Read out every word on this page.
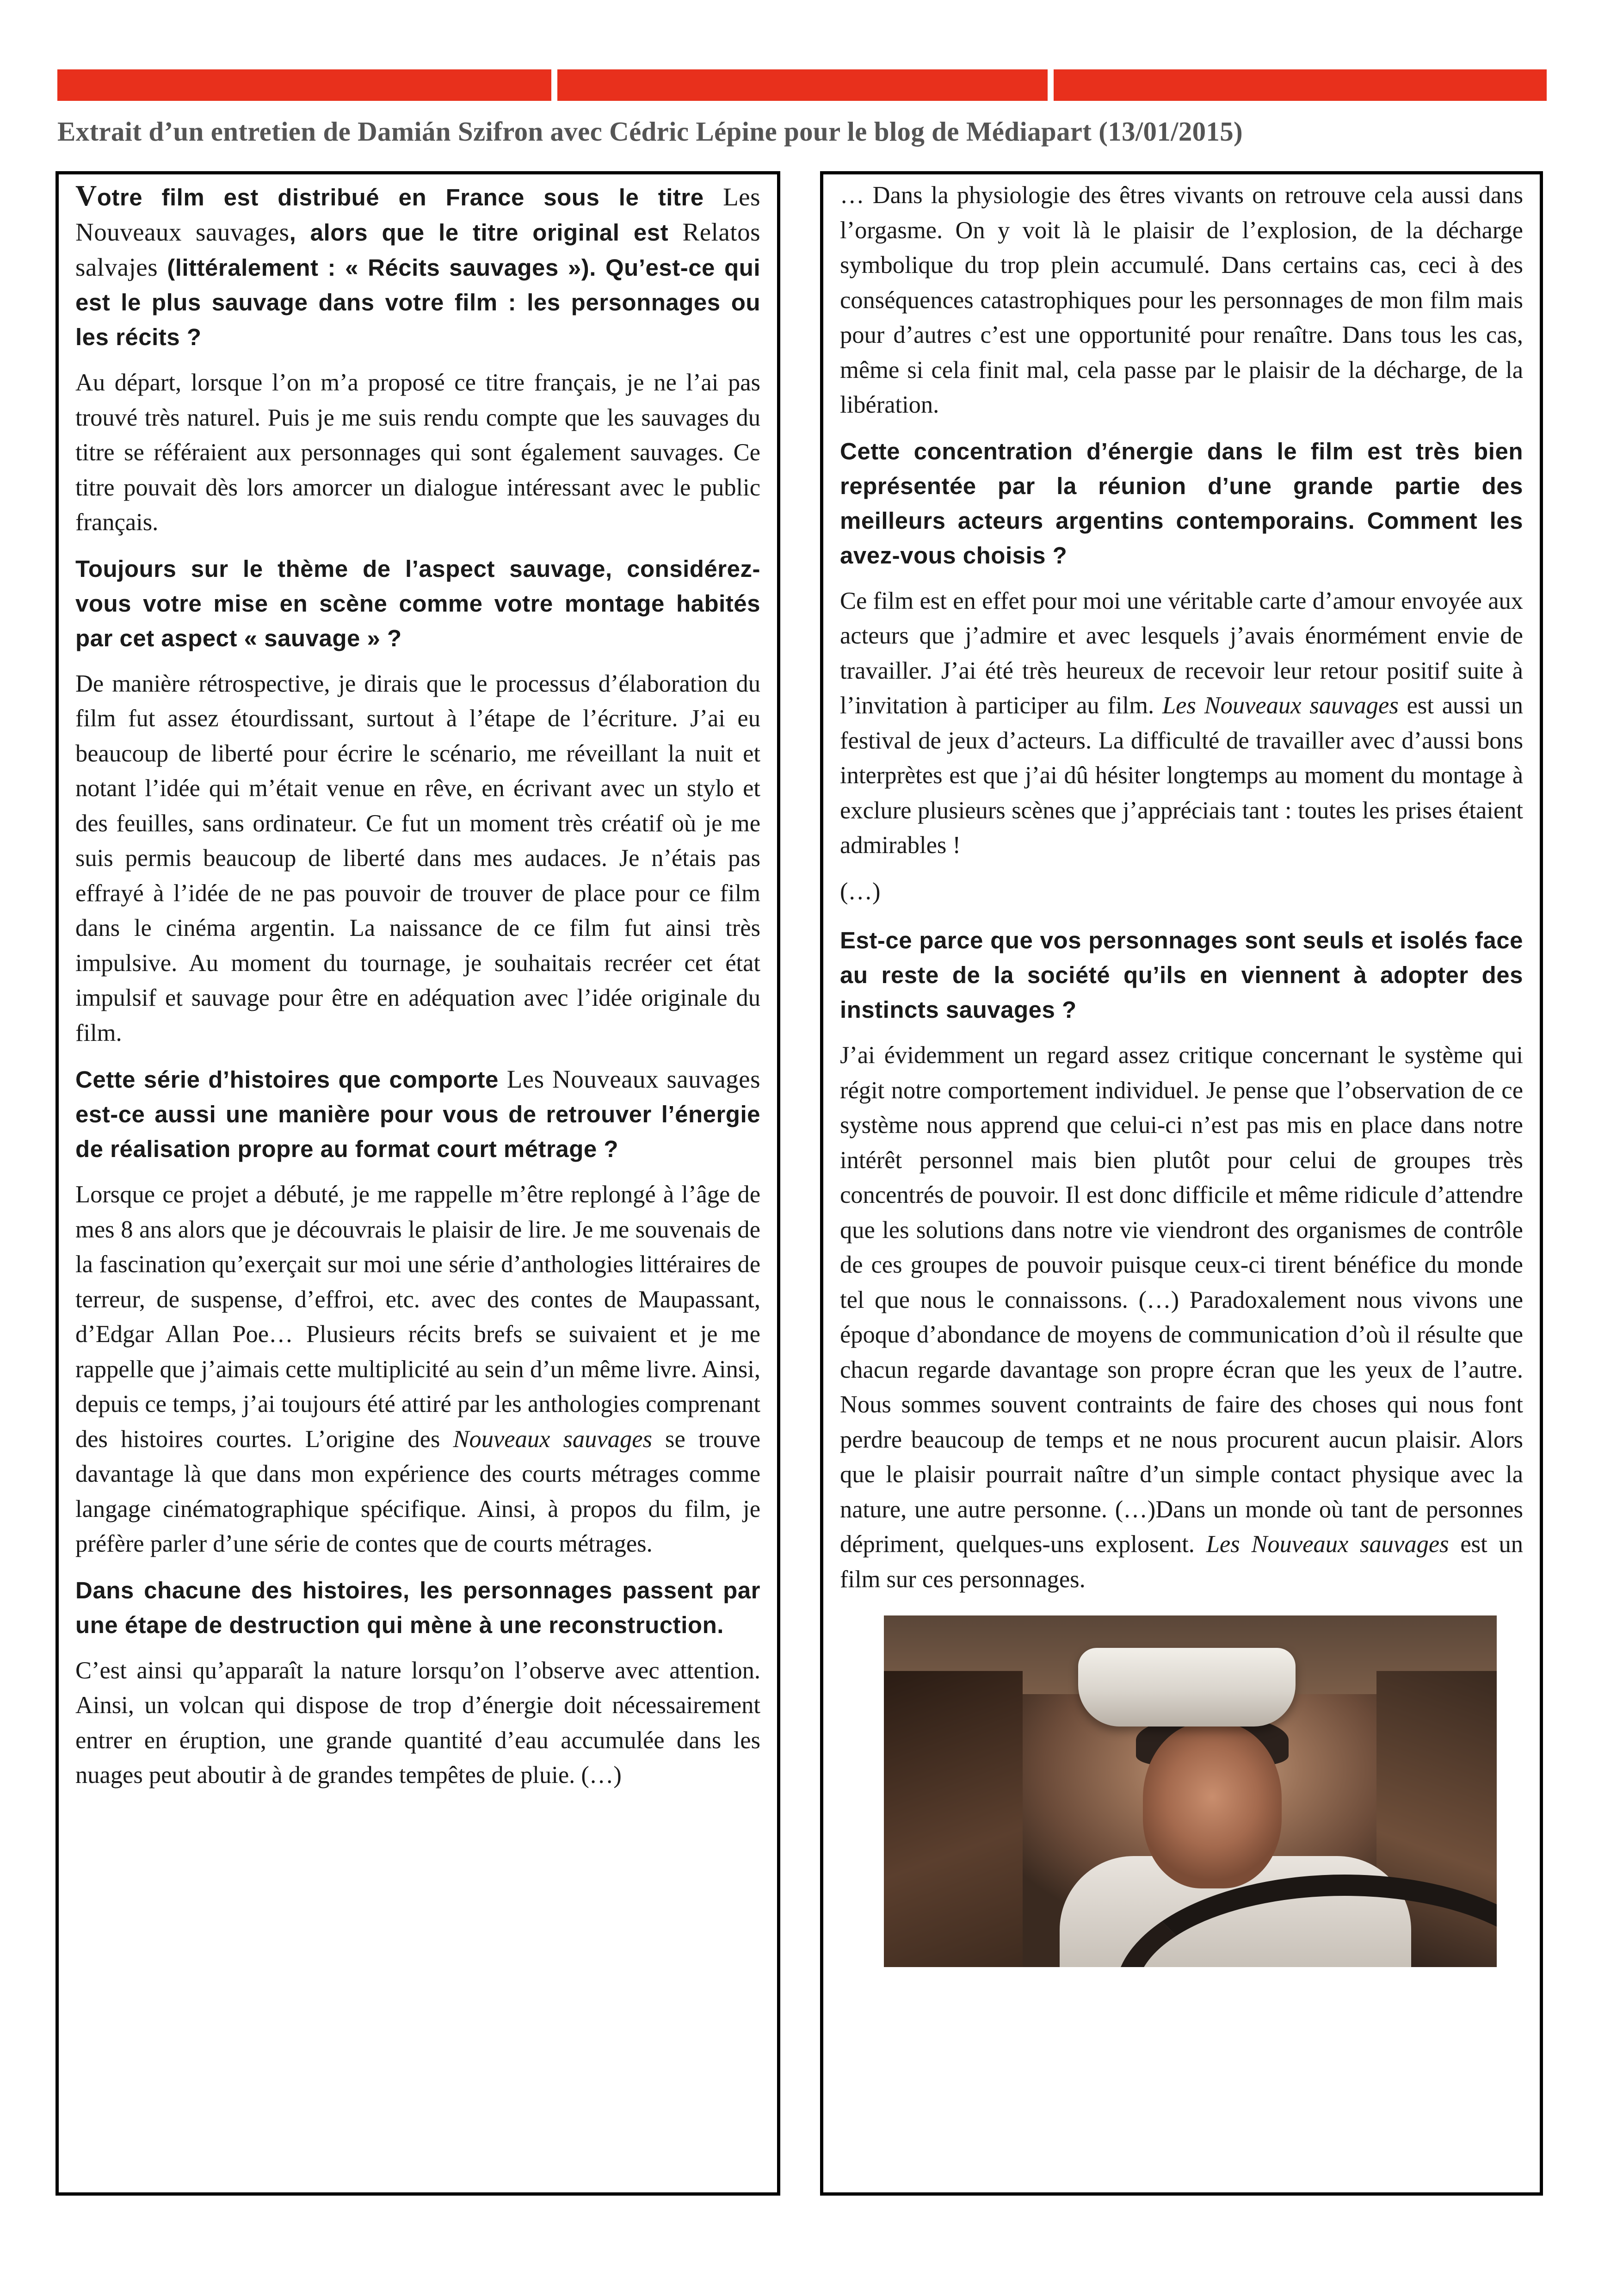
Extrait d’un entretien de Damián Szifron avec Cédric Lépine pour le blog de Médiapart (13/01/2015)

Votre film est distribué en France sous le titre Les Nouveaux sauvages, alors que le titre original est Relatos salvajes (littéralement : « Récits sauvages »). Qu’est-ce qui est le plus sauvage dans votre film : les personnages ou les récits ?

Au départ, lorsque l’on m’a proposé ce titre français, je ne l’ai pas trouvé très naturel. Puis je me suis rendu compte que les sauvages du titre se référaient aux personnages qui sont également sauvages. Ce titre pouvait dès lors amorcer un dialogue intéressant avec le public français.

Toujours sur le thème de l’aspect sauvage, considérez-vous votre mise en scène comme votre montage habités par cet aspect « sauvage » ?

De manière rétrospective, je dirais que le processus d’élaboration du film fut assez étourdissant, surtout à l’étape de l’écriture. J’ai eu beaucoup de liberté pour écrire le scénario, me réveillant la nuit et notant l’idée qui m’était venue en rêve, en écrivant avec un stylo et des feuilles, sans ordinateur. Ce fut un moment très créatif où je me suis permis beaucoup de liberté dans mes audaces. Je n’étais pas effrayé à l’idée de ne pas pouvoir de trouver de place pour ce film dans le cinéma argentin. La naissance de ce film fut ainsi très impulsive. Au moment du tournage, je souhaitais recréer cet état impulsif et sauvage pour être en adéquation avec l’idée originale du film.

Cette série d’histoires que comporte Les Nouveaux sauvages est-ce aussi une manière pour vous de retrouver l’énergie de réalisation propre au format court métrage ?

Lorsque ce projet a débuté, je me rappelle m’être replongé à l’âge de mes 8 ans alors que je découvrais le plaisir de lire. Je me souvenais de la fascination qu’exerçait sur moi une série d’anthologies littéraires de terreur, de suspense, d’effroi, etc. avec des contes de Maupassant, d’Edgar Allan Poe… Plusieurs récits brefs se suivaient et je me rappelle que j’aimais cette multiplicité au sein d’un même livre. Ainsi, depuis ce temps, j’ai toujours été attiré par les anthologies comprenant des histoires courtes. L’origine des Nouveaux sauvages se trouve davantage là que dans mon expérience des courts métrages comme langage cinématographique spécifique. Ainsi, à propos du film, je préfère parler d’une série de contes que de courts métrages.

Dans chacune des histoires, les personnages passent par une étape de destruction qui mène à une reconstruction.

C’est ainsi qu’apparaît la nature lorsqu’on l’observe avec attention. Ainsi, un volcan qui dispose de trop d’énergie doit nécessairement entrer en éruption, une grande quantité d’eau accumulée dans les nuages peut aboutir à de grandes tempêtes de pluie. (…)

… Dans la physiologie des êtres vivants on retrouve cela aussi dans l’orgasme. On y voit là le plaisir de l’explosion, de la décharge symbolique du trop plein accumulé. Dans certains cas, ceci à des conséquences catastrophiques pour les personnages de mon film mais pour d’autres c’est une opportunité pour renaître. Dans tous les cas, même si cela finit mal, cela passe par le plaisir de la décharge, de la libération.

Cette concentration d’énergie dans le film est très bien représentée par la réunion d’une grande partie des meilleurs acteurs argentins contemporains. Comment les avez-vous choisis ?

Ce film est en effet pour moi une véritable carte d’amour envoyée aux acteurs que j’admire et avec lesquels j’avais énormément envie de travailler. J’ai été très heureux de recevoir leur retour positif suite à l’invitation à participer au film. Les Nouveaux sauvages est aussi un festival de jeux d’acteurs. La difficulté de travailler avec d’aussi bons interprètes est que j’ai dû hésiter longtemps au moment du montage à exclure plusieurs scènes que j’appréciais tant : toutes les prises étaient admirables !

(…)

Est-ce parce que vos personnages sont seuls et isolés face au reste de la société qu’ils en viennent à adopter des instincts sauvages ?

J’ai évidemment un regard assez critique concernant le système qui régit notre comportement individuel. Je pense que l’observation de ce système nous apprend que celui-ci n’est pas mis en place dans notre intérêt personnel mais bien plutôt pour celui de groupes très concentrés de pouvoir. Il est donc difficile et même ridicule d’attendre que les solutions dans notre vie viendront des organismes de contrôle de ces groupes de pouvoir puisque ceux-ci tirent bénéfice du monde tel que nous le connaissons. (…) Paradoxalement nous vivons une époque d’abondance de moyens de communication d’où il résulte que chacun regarde davantage son propre écran que les yeux de l’autre. Nous sommes souvent contraints de faire des choses qui nous font perdre beaucoup de temps et ne nous procurent aucun plaisir. Alors que le plaisir pourrait naître d’un simple contact physique avec la nature, une autre personne. (…)Dans un monde où tant de personnes dépriment, quelques-uns explosent. Les Nouveaux sauvages est un film sur ces personnages.
